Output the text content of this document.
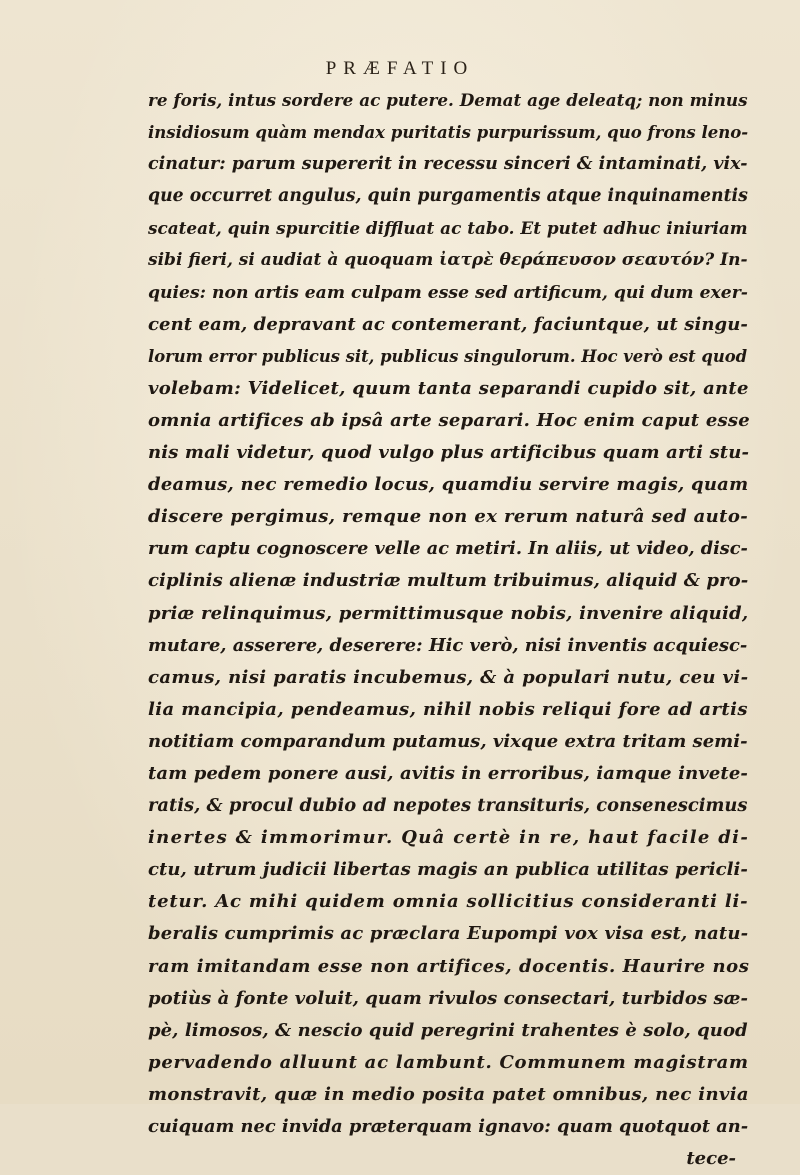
PRÆFATIO
re foris, intus sordere ac putere. Demat age deleatq; non minus
insidiosum quàm mendax puritatis purpurissum, quo frons leno-
cinatur: parum supererit in recessu sinceri & intaminati, vix-
que occurret angulus, quin purgamentis atque inquinamentis
scateat, quin spurcitie diffluat ac tabo. Et putet adhuc iniuriam
sibi fieri, si audiat à quoquam ἰατρὲ θεράπευσον σεαυτόν? In-
quies: non artis eam culpam esse sed artificum, qui dum exer-
cent eam, depravant ac contemerant, faciuntque, ut singu-
lorum error publicus sit, publicus singulorum. Hoc verò est quod
volebam: Videlicet, quum tanta separandi cupido sit, ante
omnia artifices ab ipsâ arte separari. Hoc enim caput esse
nis mali videtur, quod vulgo plus artificibus quam arti stu-
deamus, nec remedio locus, quamdiu servire magis, quam
discere pergimus, remque non ex rerum naturâ sed auto-
rum captu cognoscere velle ac metiri. In aliis, ut video, disc-
ciplinis alienæ industriæ multum tribuimus, aliquid & pro-
priæ relinquimus, permittimusque nobis, invenire aliquid,
mutare, asserere, deserere: Hic verò, nisi inventis acquiesc-
camus, nisi paratis incubemus, & à populari nutu, ceu vi-
lia mancipia, pendeamus, nihil nobis reliqui fore ad artis
notitiam comparandum putamus, vixque extra tritam semi-
tam pedem ponere ausi, avitis in erroribus, iamque invete-
ratis, & procul dubio ad nepotes transituris, consenescimus
inertes & immorimur. Quâ certè in re, haut facile di-
ctu, utrum judicii libertas magis an publica utilitas pericli-
tetur. Ac mihi quidem omnia sollicitius consideranti li-
beralis cumprimis ac præclara Eupompi vox visa est, natu-
ram imitandam esse non artifices, docentis. Haurire nos
potiùs à fonte voluit, quam rivulos consectari, turbidos sæ-
pè, limosos, & nescio quid peregrini trahentes è solo, quod
pervadendo alluunt ac lambunt. Communem magistram
monstravit, quæ in medio posita patet omnibus, nec invia
cuiquam nec invida præterquam ignavo: quam quotquot an-
tece-
